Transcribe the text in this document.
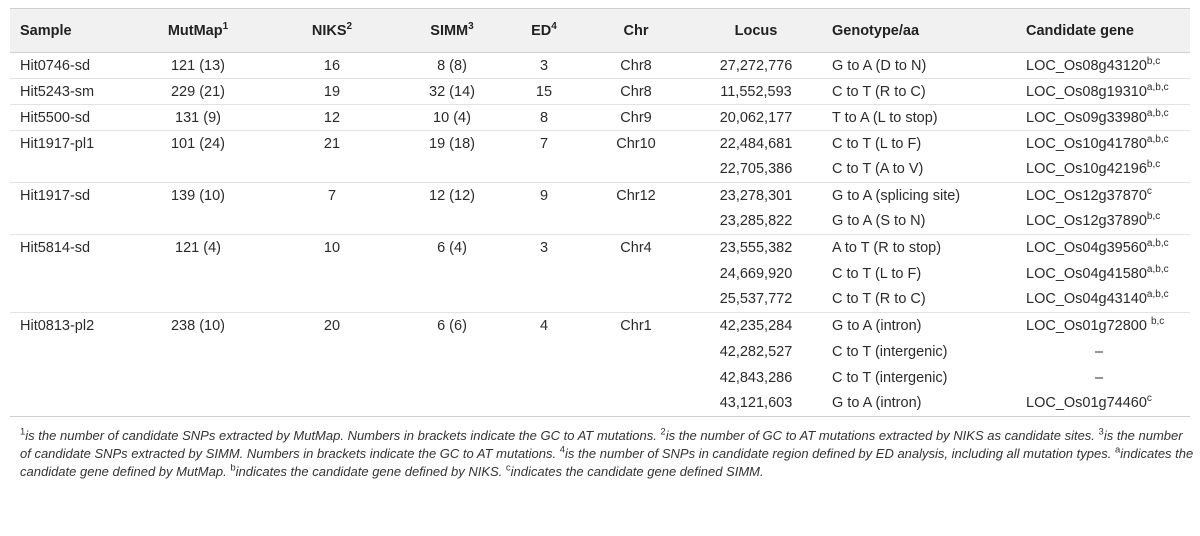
Sample	MutMap$^1$	NIKS$^2$	SIMM$^3$	$ED^4$	Chr	Locus	Genotype/aa	Candidate gene
Hit0746-sd	121 (13)	16	8 (8)	3	Chr8	27,272,776	G to A (D to N)	LOC_Os08g43120$^{b,c}$
Hit5243-sm	229 (21)	19	32 (14)	15	Chr8	11,552,593	C to T (R to C)	LOC_Os08g19310$^{a,b,c}$
Hit5500-sd	131 (9)	12	10 (4)	8	Chr9	20,062,177	T to A (L to stop)	LOC_Os09g33980$^{a,b,c}$
Hit1917-pl1	101 (24)	21	19 (18)	7	Chr10	22,484,681	C to T (L to F)	LOC_Os10g41780$^{a,b,c}$
						22,705,386	C to T (A to V)	LOC_Os10g42196$^{b,c}$
Hit1917-sd	139 (10)	7	12 (12)	9	Chr12	23,278,301	G to A (splicing site)	LOC_Os12g37870$^c$
						23,285,822	G to A (S to N)	LOC_Os12g37890$^{b,c}$
Hit5814-sd	121 (4)	10	6 (4)	3	Chr4	23,555,382	A to T (R to stop)	LOC_Os04g39560$^{a,b,c}$
						24,669,920	C to T (L to F)	LOC_Os04g41580$^{a,b,c}$
						25,537,772	C to T (R to C)	LOC_Os04g43140$^{a,b,c}$
Hit0813-pl2	238 (10)	20	6 (6)	4	Chr1	42,235,284	G to A (intron)	LOC_Os01g72800 $^{b,c}$
						42,282,527	C to T (intergenic)	–
						42,843,286	C to T (intergenic)	–
						43,121,603	G to A (intron)	LOC_Os01g74460$^c$
$^1$is the number of candidate SNPs extracted by MutMap. Numbers in brackets indicate the GC to AT mutations. $^2$is the number of GC to AT mutations extracted by NIKS as candidate sites. $^3$is the number of candidate SNPs extracted by SIMM. Numbers in brackets indicate the GC to AT mutations. $^4$is the number of SNPs in candidate region defined by ED analysis, including all mutation types. $^a$indicates the candidate gene defined by MutMap. $^b$indicates the candidate gene defined by NIKS. $^c$indicates the candidate gene defined SIMM.
